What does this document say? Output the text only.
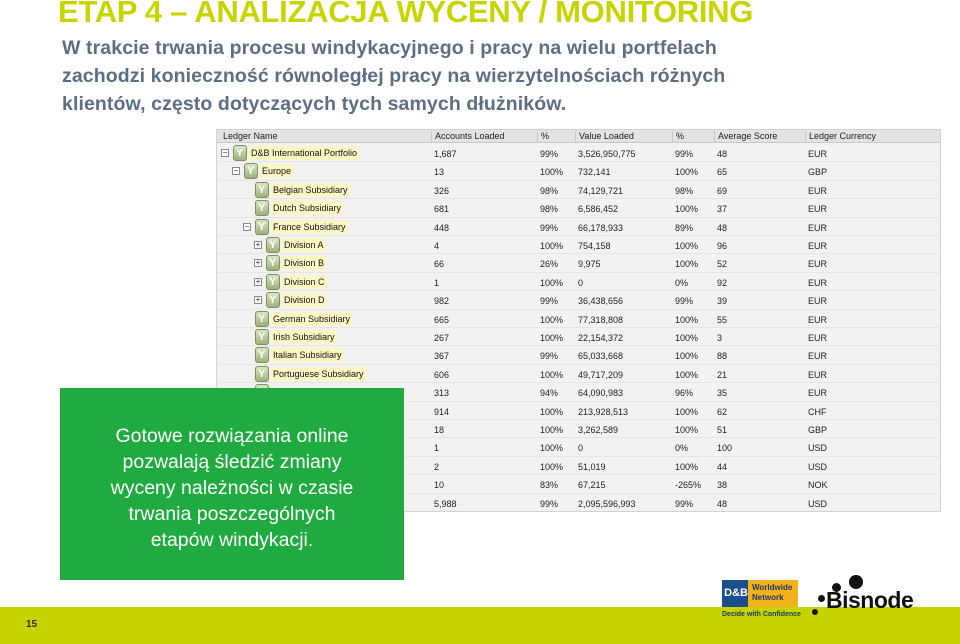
ETAP 4 – ANALIZACJA WYCENY / MONITORING
W trakcie trwania procesu windykacyjnego i pracy na wielu portfelach
zachodzi konieczność równoległej pracy na wierzytelnościach różnych
klientów, często dotyczących tych samych dłużników.
Ledger Name	Accounts Loaded	%	Value Loaded	%	Average Score	Ledger Currency
− Y	D&B International Portfolio	1,687	99% 3,526,950,775	99%	48	EUR
− Y	Europe	13	100% 732,141	100% 65	GBP
Y
Belgian Subsidiary	326	98% 74,129,721	98%	69	EUR
Y
Dutch Subsidiary	681	98% 6,586,452	100% 37	EUR
− Y	France Subsidiary	448	99% 66,178,933	89%	48	EUR
+ Y	Division A	4	100% 754,158	100% 96	EUR
+ Y	Division B	66	26% 9,975	100% 52	EUR
+ Y	Division C	1	100% 0	0%	92	EUR
+ Y	Division D	982	99% 36,438,656	99%	39	EUR
Y
German Subsidiary	665	100% 77,318,808	100% 55	EUR
Y
Irish Subsidiary	267	100% 22,154,372	100% 3	EUR
Y
Italian Subsidiary	367	99% 65,033,668	100% 88	EUR
Y
Portuguese Subsidiary	606	100% 49,717,209	100% 21	EUR
Y
313	94% 64,090,983	96%	35	EUR
Y
914	100% 213,928,513	100% 62	CHF
Y
18	100% 3,262,589	100% 51	GBP
Y
1	100% 0	0%	100	USD
Y
2	100% 51,019	100% 44	USD
Y
10	83% 67,215	-265% 38	NOK
Y
5,988	99% 2,095,596,993	99%	48	USD
Gotowe rozwiązania online
pozwalają śledzić zmiany
wyceny należności w czasie
trwania poszczególnych
etapów windykacji.
15
D&B Worldwide
Network
Decide with Confidence
Bisnode
